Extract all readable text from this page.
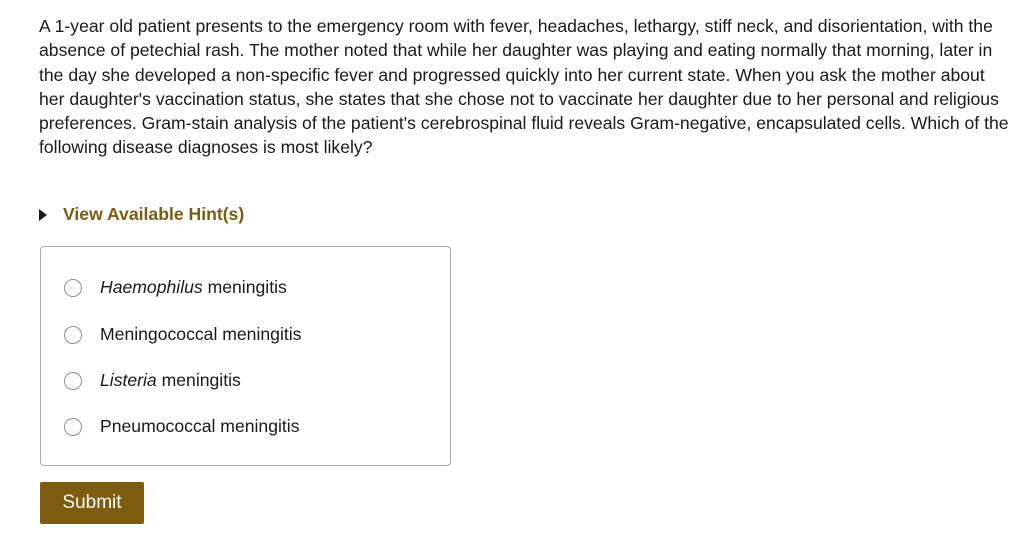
A 1-year old patient presents to the emergency room with fever, headaches, lethargy, stiff neck, and disorientation, with the absence of petechial rash. The mother noted that while her daughter was playing and eating normally that morning, later in the day she developed a non-specific fever and progressed quickly into her current state. When you ask the mother about her daughter's vaccination status, she states that she chose not to vaccinate her daughter due to her personal and religious preferences. Gram-stain analysis of the patient's cerebrospinal fluid reveals Gram-negative, encapsulated cells. Which of the following disease diagnoses is most likely?

View Available Hint(s)
Haemophilus meningitis
Meningococcal meningitis
Listeria meningitis
Pneumococcal meningitis
Submit
